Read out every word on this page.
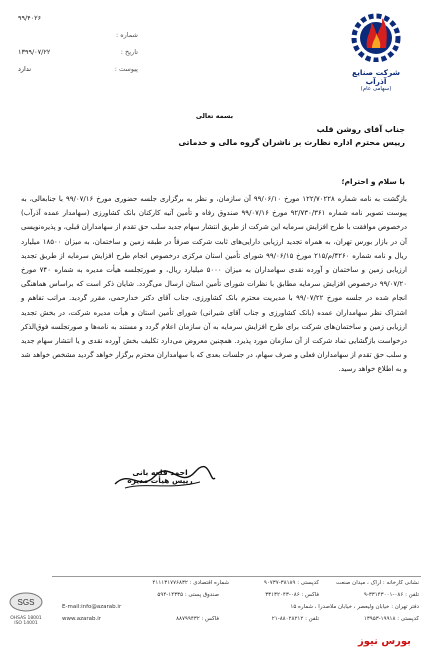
۹۹/۴۰۲۶
شماره :
تاریخ :
۱۳۹۹/۰۷/۲۲
پیوست :
ندارد	شرکت صنایع آذرآب
(سهامی عام)
بسمه تعالی
جناب آقای روشن قلب
رییس محترم اداره نظارت بر ناشران گروه مالی و خدماتی
با سلام و احترام؛
بازگشت به نامه شماره ۱۲۲/۷۰۲۲۸ مورخ ۹۹/۰۶/۱۰ آن سازمان، و نظر به برگزاری جلسه حضوری مورخ ۹۹/۰۷/۱۶ با جنابعالی، به پیوست تصویر نامه شماره ۹۲/۷۳۰/۳۶۱ مورخ ۹۹/۰۷/۱۶ صندوق رفاه و تأمین آتیه کارکنان بانک کشاورزی (سهامدار عمده آذرآب) درخصوص موافقت با طرح افزایش سرمایه این شرکت از طریق انتشار سهام جدید سلب حق تقدم از سهامداران قبلی، و پذیره‌نویسی آن در بازار بورس تهران، به همراه تجدید ارزیابی دارایی‌های ثابت شرکت صرفاً در طبقه زمین و ساختمان، به میزان ۱۸۵۰۰ میلیارد ریال و نامه شماره ۴۲۶۰/م/۲۱۵ مورخ ۹۹/۰۶/۱۵ شورای تأمین استان مرکزی درخصوص انجام طرح افزایش سرمایه از طریق تجدید ارزیابی زمین و ساختمان و آورده نقدی سهامداران به میزان ۵۰۰۰ میلیارد ریال، و صورتجلسه هیأت مدیره به شماره ۷۴۰ مورخ ۹۹/۰۷/۲۰ درخصوص افزایش سرمایه مطابق با نظرات شورای تأمین استان ارسال می‌گردد. شایان ذکر است که براساس هماهنگی انجام شده در جلسه مورخ ۹۹/۰۷/۲۲ با مدیریت محترم بانک کشاورزی، جناب آقای دکتر خدارحمی، مقرر گردید. مراتب تفاهم و اشتراک نظر سهامداران عمده (بانک کشاورزی و جناب آقای شیرانی) شورای تأمین استان و هیأت مدیره شرکت، در بخش تجدید ارزیابی زمین و ساختمان‌های شرکت برای طرح افزایش سرمایه به آن سازمان اعلام گردد و مستند به نامه‌ها و صورتجلسه فوق‌الذکر درخواست بازگشایی نماد شرکت از آن سازمان مورد پذیرد. همچنین معروض می‌دارد تکلیف بخش آورده نقدی و یا انتشار سهام جدید و سلب حق تقدم از سهامداران فعلی و صرف سهام، در جلسات بعدی که با سهامداران محترم برگزار خواهد گردید مشخص خواهد شد و به اطلاع خواهد رسید.
احمد قلعه بانی
رییس هیأت مدیره
نشانی کارخانه : اراک ، میدان صنعت
کدپستی : ۳۸۱۸۹-۹۰۷۳۷
شماره اقتصادی : ۴۱۱۱۳۱۷۷۶۸۳۲
تلفن : ۰۸۶-۳۳۱۴۳۰۰۱-۹
فاکس : ۰۸۶-۳۳۱۳۲۰۴۳
صندوق پستی : ۱۴۳۳۵-۵۹۴
دفتر تهران : خیابان ولیعصر ، خیابان ملاصدرا ، شماره ۱۵
E-mail:info@azarab.ir
کدپستی : ۱۹۹۱۸-۱۳۹۵۳
تلفن : ۸۸۰۲۸۲۱۲-۲۱
فاکس : ۸۸۷۹۹۴۳۲
www.azarab.ir
SGS
OHSAS 18001
ISO 14001
بورس نیوز
